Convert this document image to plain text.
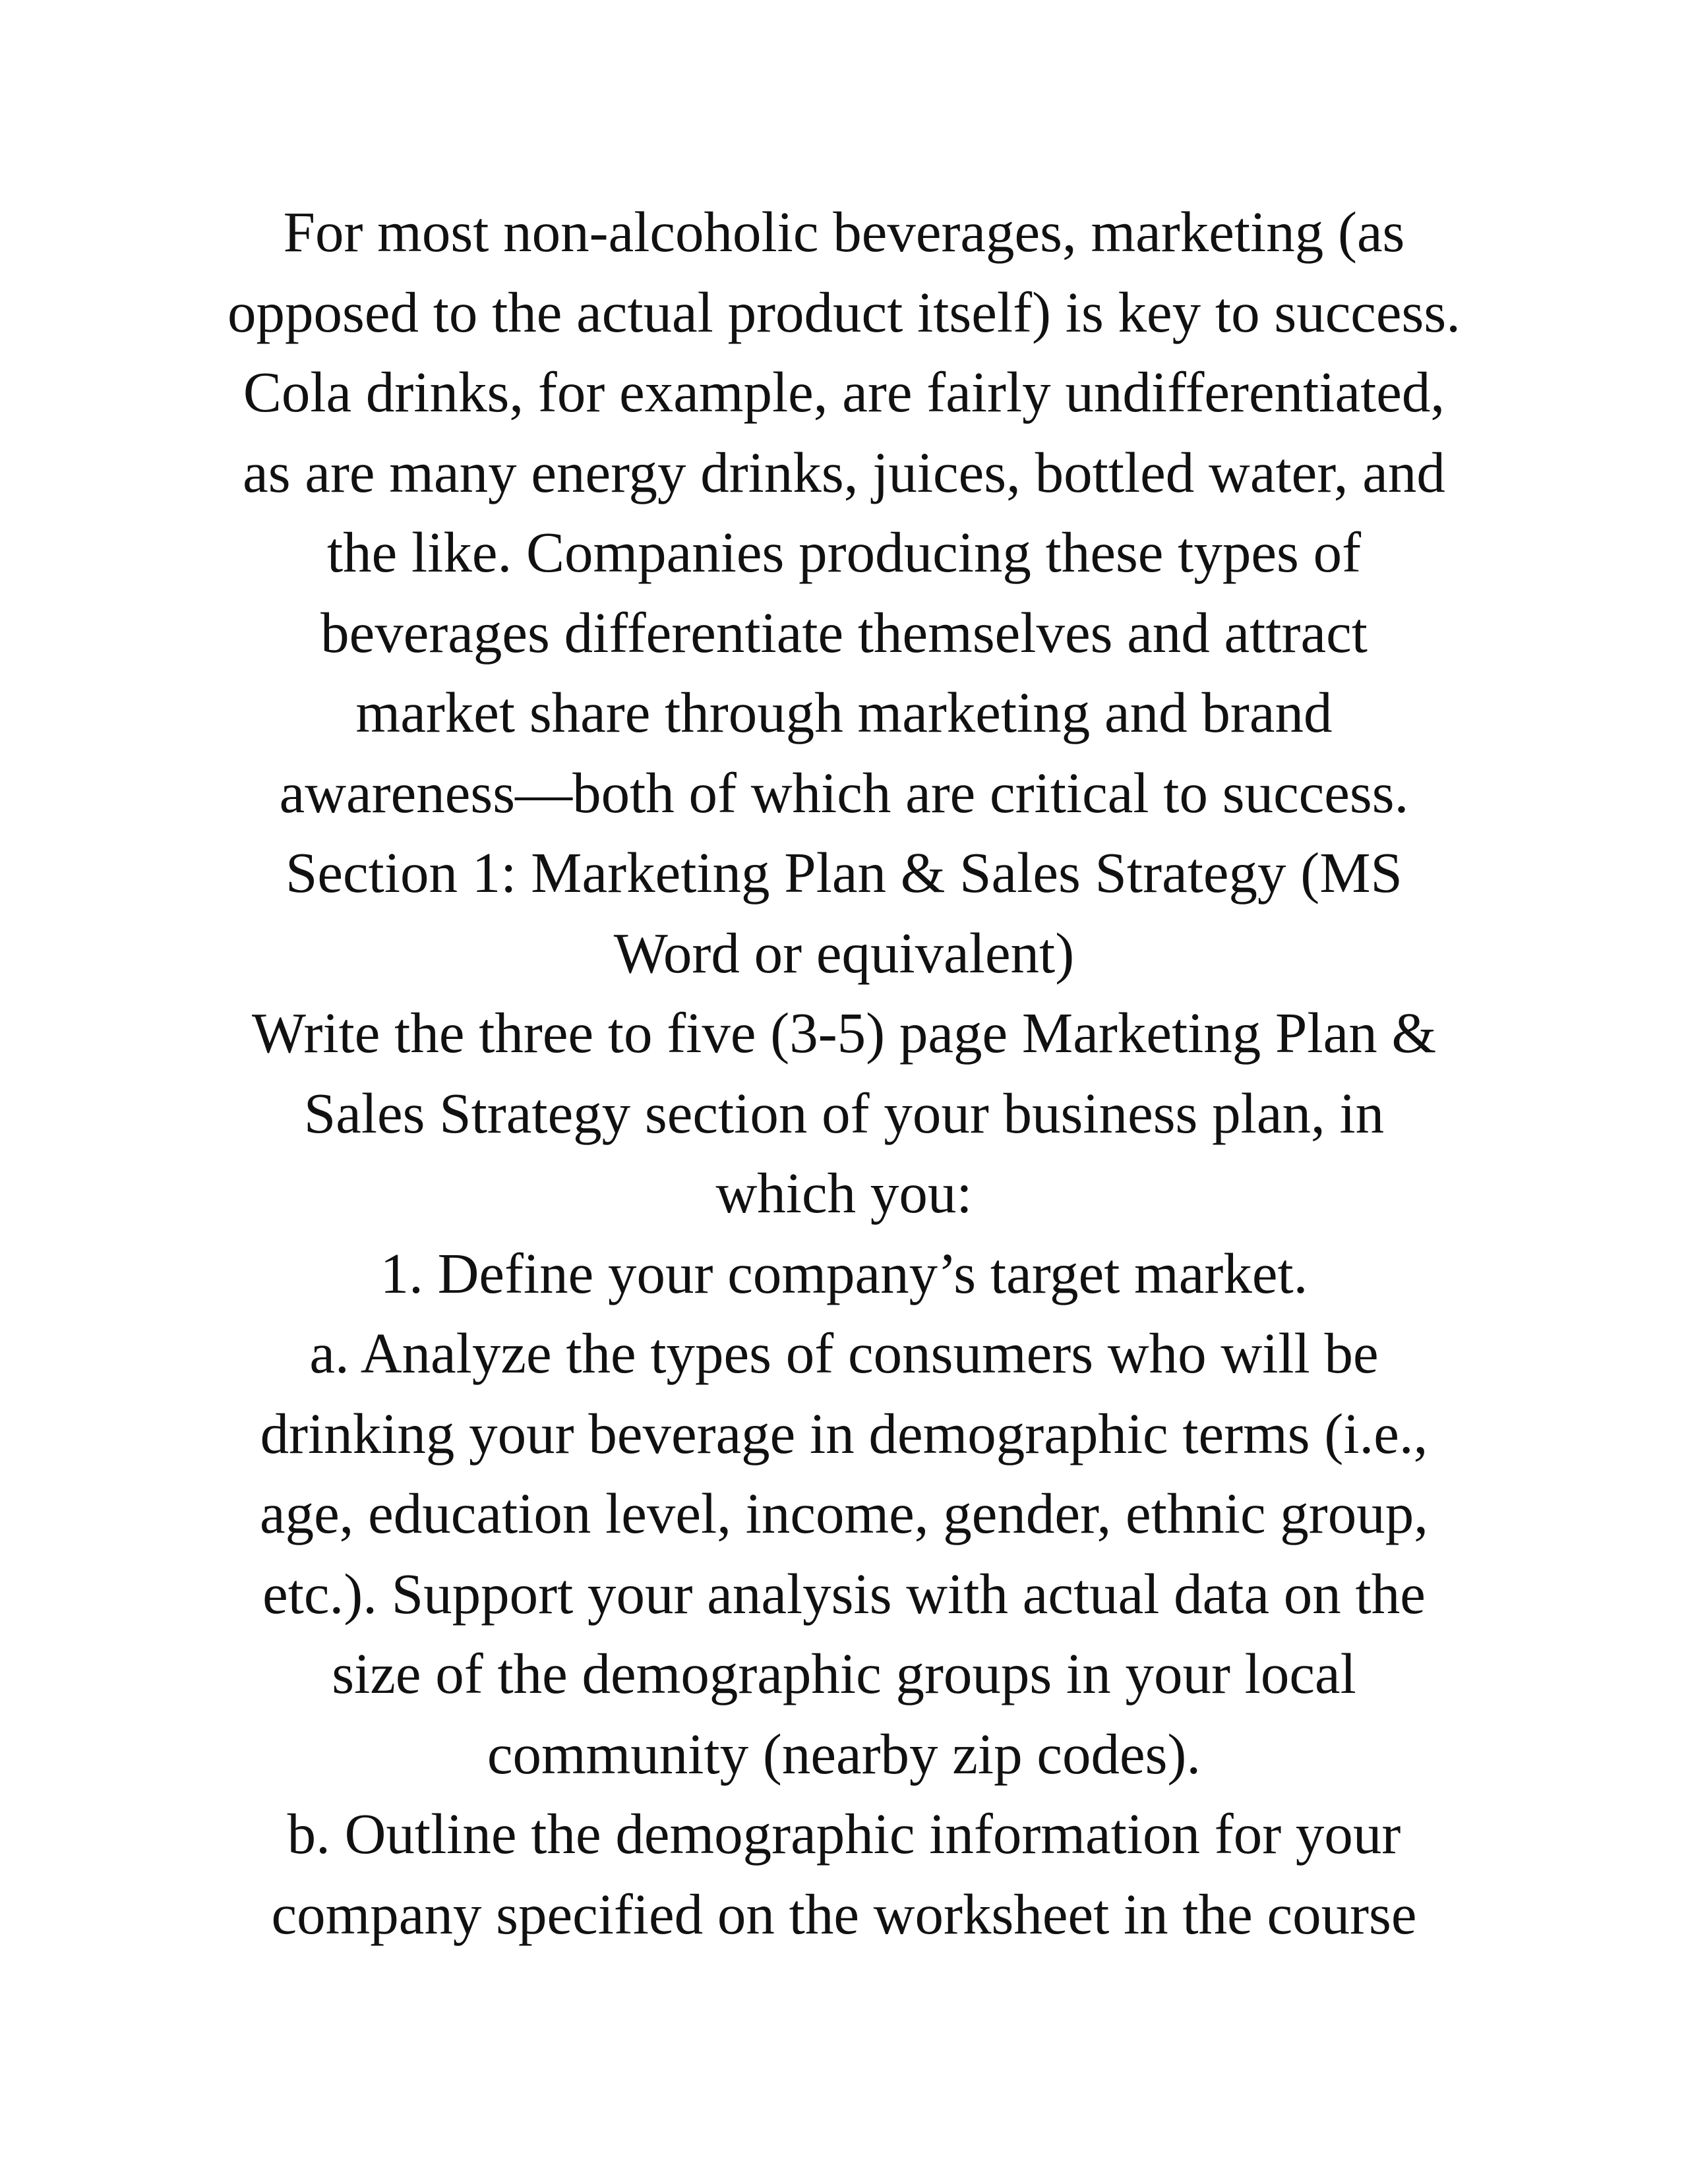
For most non-alcoholic beverages, marketing (as
opposed to the actual product itself) is key to success.
Cola drinks, for example, are fairly undifferentiated,
as are many energy drinks, juices, bottled water, and
the like. Companies producing these types of
beverages differentiate themselves and attract
market share through marketing and brand
awareness—both of which are critical to success.
Section 1: Marketing Plan & Sales Strategy (MS
Word or equivalent)
Write the three to five (3-5) page Marketing Plan &
Sales Strategy section of your business plan, in
which you:
1. Define your company’s target market.
a. Analyze the types of consumers who will be
drinking your beverage in demographic terms (i.e.,
age, education level, income, gender, ethnic group,
etc.). Support your analysis with actual data on the
size of the demographic groups in your local
community (nearby zip codes).
b. Outline the demographic information for your
company specified on the worksheet in the course
